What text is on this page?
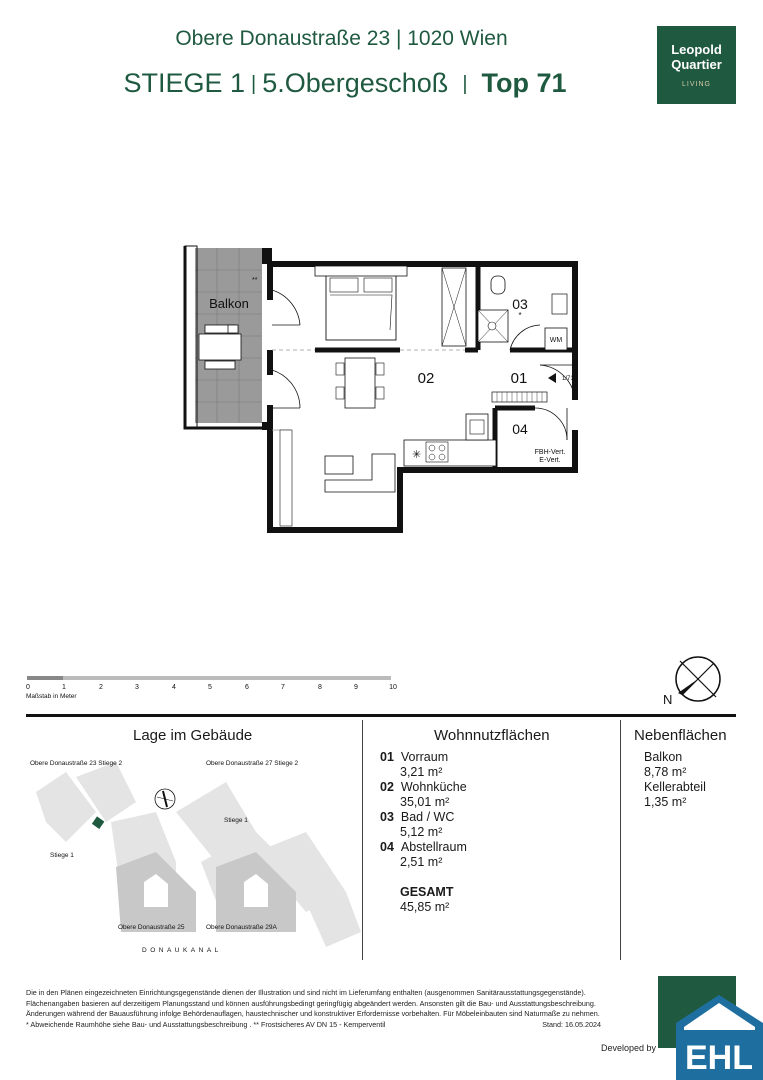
Obere Donaustraße 23 | 1020 Wien
STIEGE 1 | 5.Obergeschoß | Top 71
Leopold
Quartier
LIVING
Balkon
**
✳
WM
03
*
1/71
04
FBH-Vert.
E-Vert.
02	01
0	1	2	3	4	5	6	7	8	9	10
Maßstab in Meter	N
Lage im Gebäude
Obere Donaustraße 23 Stiege 2	Obere Donaustraße 27 Stiege 2
Stiege 1
Stiege 1
Obere Donaustraße 25	Obere Donaustraße 29A
DONAUKANAL
Wohnnutzflächen
01 Vorraum
3,21 m²
02 Wohnküche
35,01 m²
03 Bad / WC
5,12 m²
04 Abstellraum
2,51 m²
GESAMT
45,85 m²
Nebenflächen
Balkon
8,78 m²
Kellerabteil
1,35 m²
Die in den Plänen eingezeichneten Einrichtungsgegenstände dienen der Illustration und sind nicht im Lieferumfang enthalten (ausgenommen Sanitärausstattungsgegenstände).
Flächenangaben basieren auf derzeitigem Planungsstand und können ausführungsbedingt geringfügig abgeändert werden. Ansonsten gilt die Bau- und Ausstattungsbeschreibung.
Änderungen während der Bauausführung infolge Behördenauflagen, haustechnischer und konstruktiver Erfordernisse vorbehalten. Für Möbeleinbauten sind Naturmaße zu nehmen.
* Abweichende Raumhöhe siehe Bau- und Ausstattungsbeschreibung . ** Frostsicheres AV DN 15 - Kemperventil	Stand: 16.05.2024
Developed by EHL
